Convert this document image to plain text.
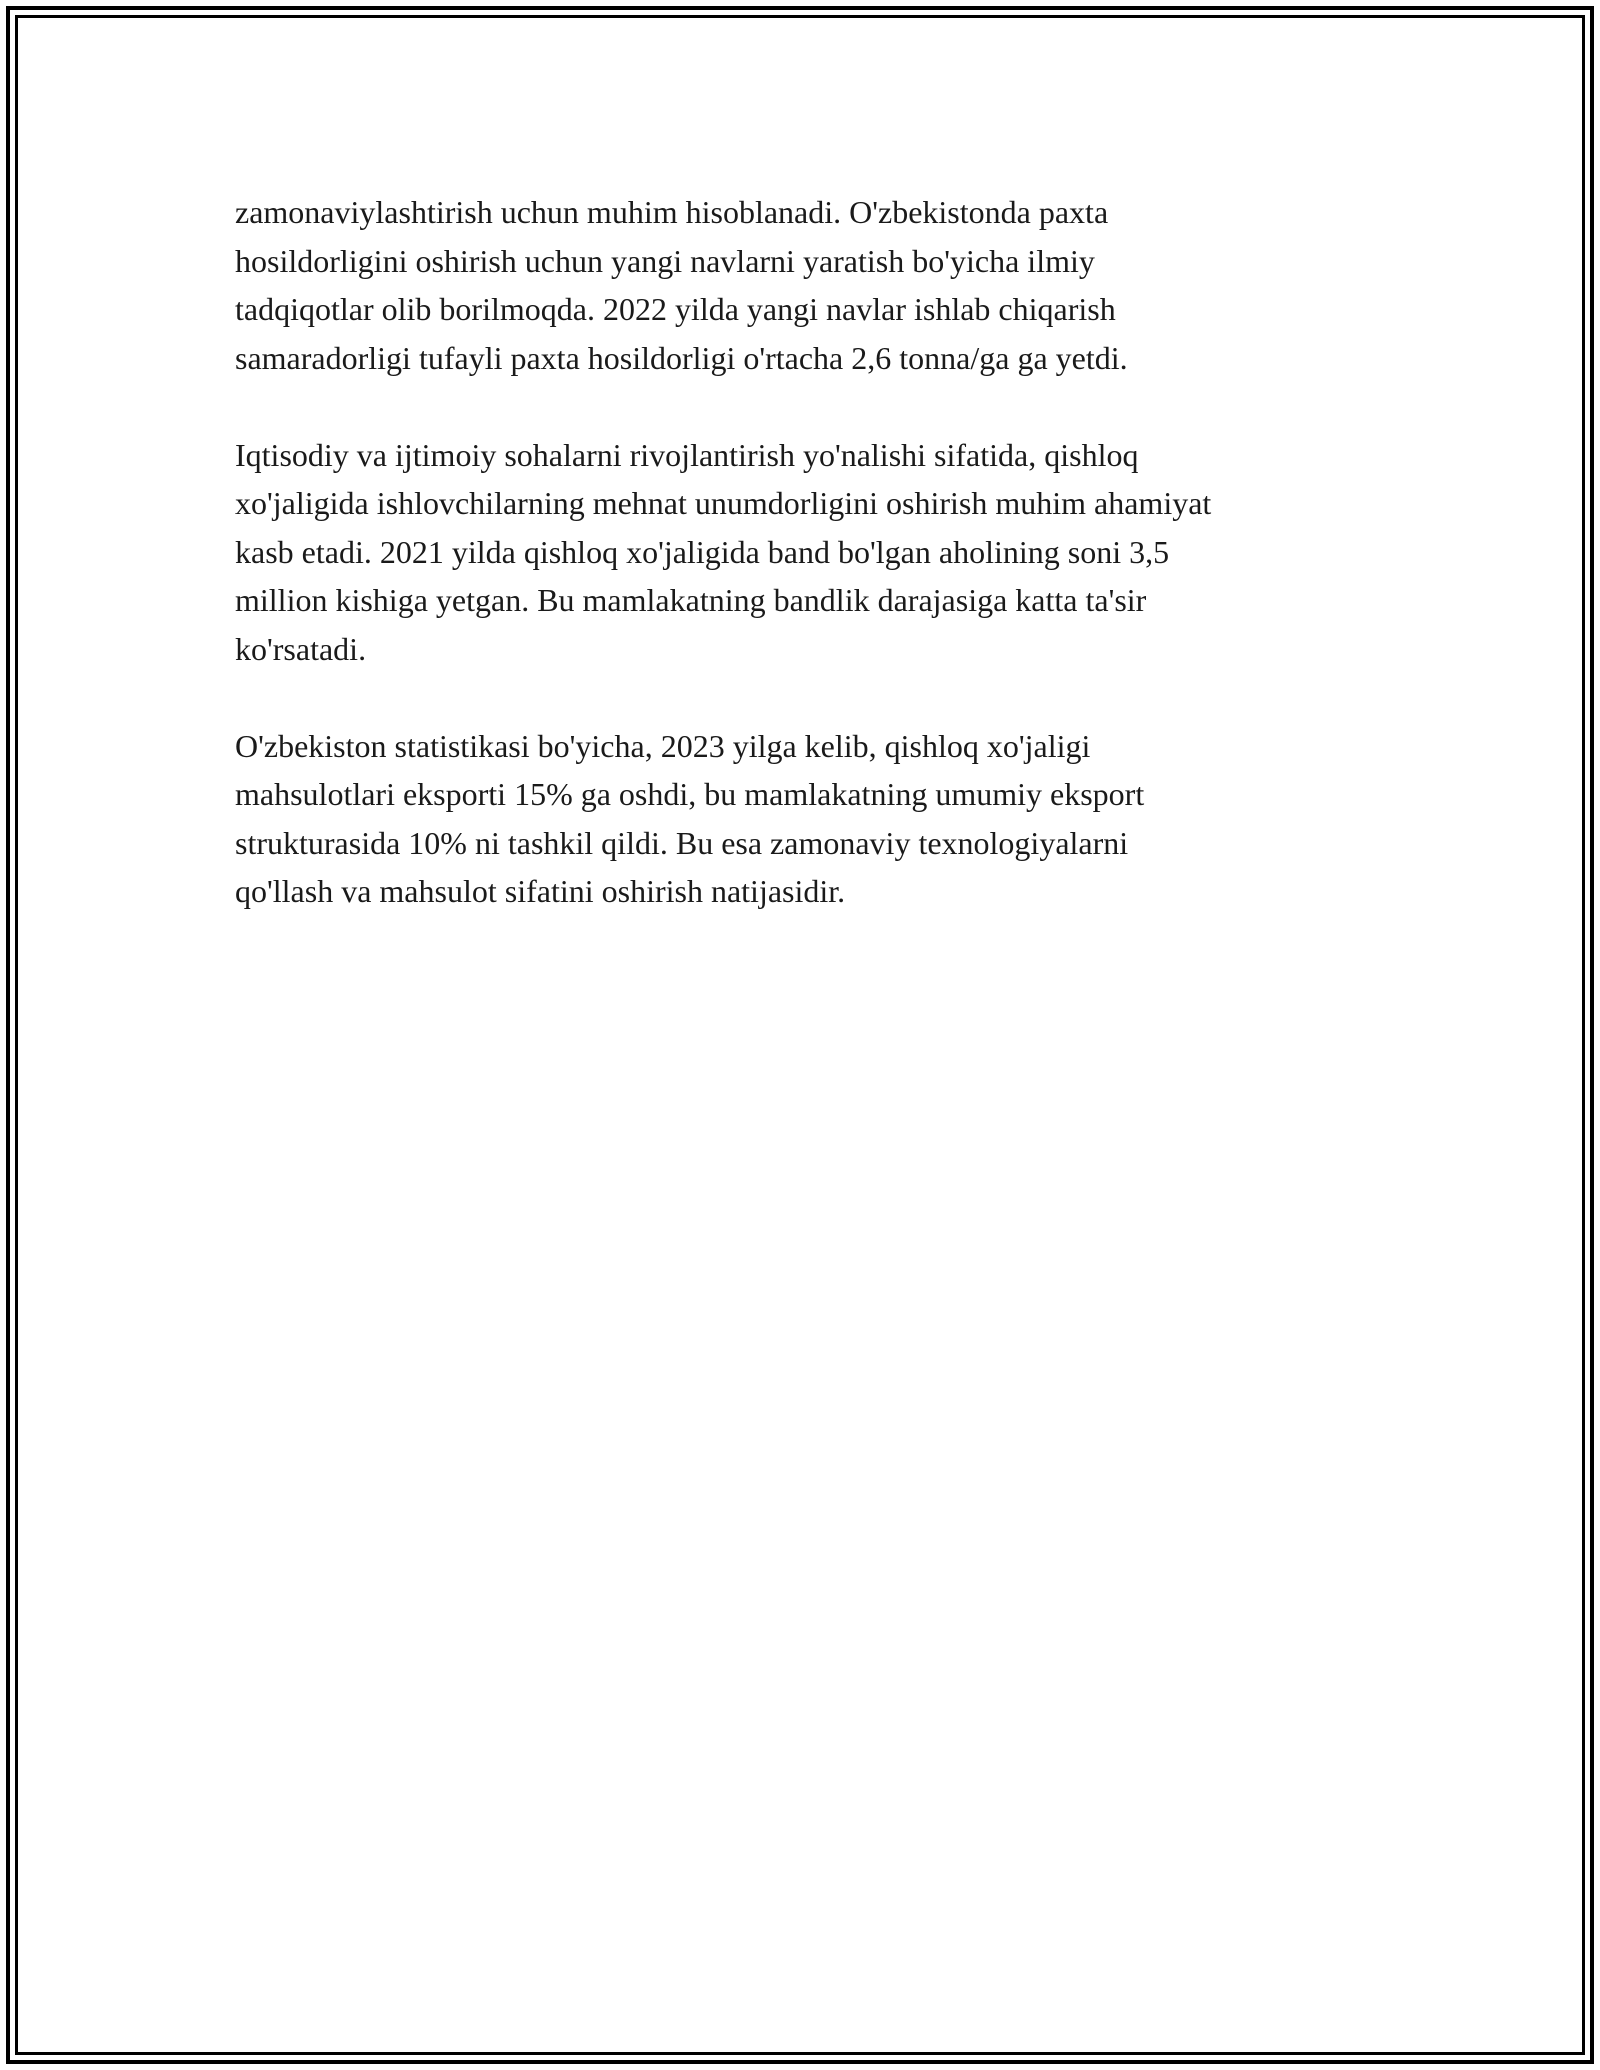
zamonaviylashtirish uchun muhim hisoblanadi. O'zbekistonda paxta
hosildorligini oshirish uchun yangi navlarni yaratish bo'yicha ilmiy
tadqiqotlar olib borilmoqda. 2022 yilda yangi navlar ishlab chiqarish
samaradorligi tufayli paxta hosildorligi o'rtacha 2,6 tonna/ga ga yetdi.
Iqtisodiy va ijtimoiy sohalarni rivojlantirish yo'nalishi sifatida, qishloq
xo'jaligida ishlovchilarning mehnat unumdorligini oshirish muhim ahamiyat
kasb etadi. 2021 yilda qishloq xo'jaligida band bo'lgan aholining soni 3,5
million kishiga yetgan. Bu mamlakatning bandlik darajasiga katta ta'sir
ko'rsatadi.
O'zbekiston statistikasi bo'yicha, 2023 yilga kelib, qishloq xo'jaligi
mahsulotlari eksporti 15% ga oshdi, bu mamlakatning umumiy eksport
strukturasida 10% ni tashkil qildi. Bu esa zamonaviy texnologiyalarni
qo'llash va mahsulot sifatini oshirish natijasidir.
